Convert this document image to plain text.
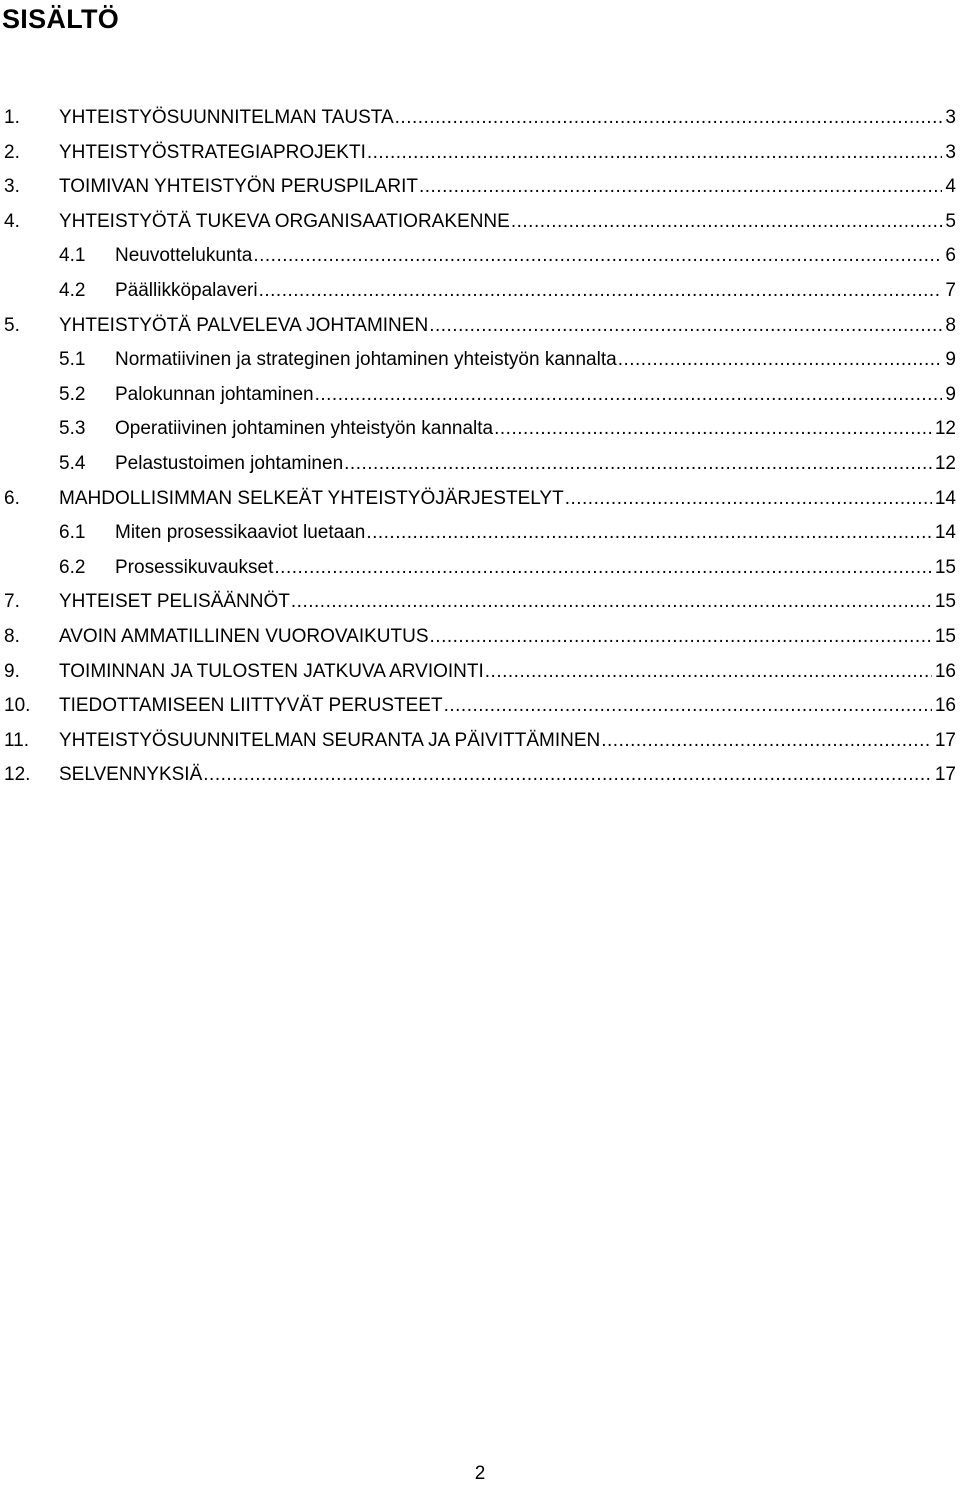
SISÄLTÖ
1. YHTEISTYÖSUUNNITELMAN TAUSTA .....	3
2. YHTEISTYÖSTRATEGIAPROJEKTI .....	3
3. TOIMIVAN YHTEISTYÖN PERUSPILARIT .....	4
4. YHTEISTYÖTÄ TUKEVA ORGANISAATIORAKENNE .....	5
4.1 Neuvottelukunta .....	6
4.2 Päällikköpalaveri .....	7
5. YHTEISTYÖTÄ PALVELEVA JOHTAMINEN .....	8
5.1 Normatiivinen ja strateginen johtaminen yhteistyön kannalta .....	9
5.2 Palokunnan johtaminen .....	9
5.3 Operatiivinen johtaminen yhteistyön kannalta .....	12
5.4 Pelastustoimen johtaminen .....	12
6. MAHDOLLISIMMAN SELKEÄT YHTEISTYÖJÄRJESTELYT .....	14
6.1 Miten prosessikaaviot luetaan .....	14
6.2 Prosessikuvaukset .....	15
7. YHTEISET PELISÄÄNNÖT .....	15
8. AVOIN AMMATILLINEN VUOROVAIKUTUS .....	15
9. TOIMINNAN JA TULOSTEN JATKUVA ARVIOINTI .....	16
10. TIEDOTTAMISEEN LIITTYVÄT PERUSTEET .....	16
11. YHTEISTYÖSUUNNITELMAN SEURANTA JA PÄIVITTÄMINEN .....	17
12. SELVENNYKSIÄ .....	17
2
